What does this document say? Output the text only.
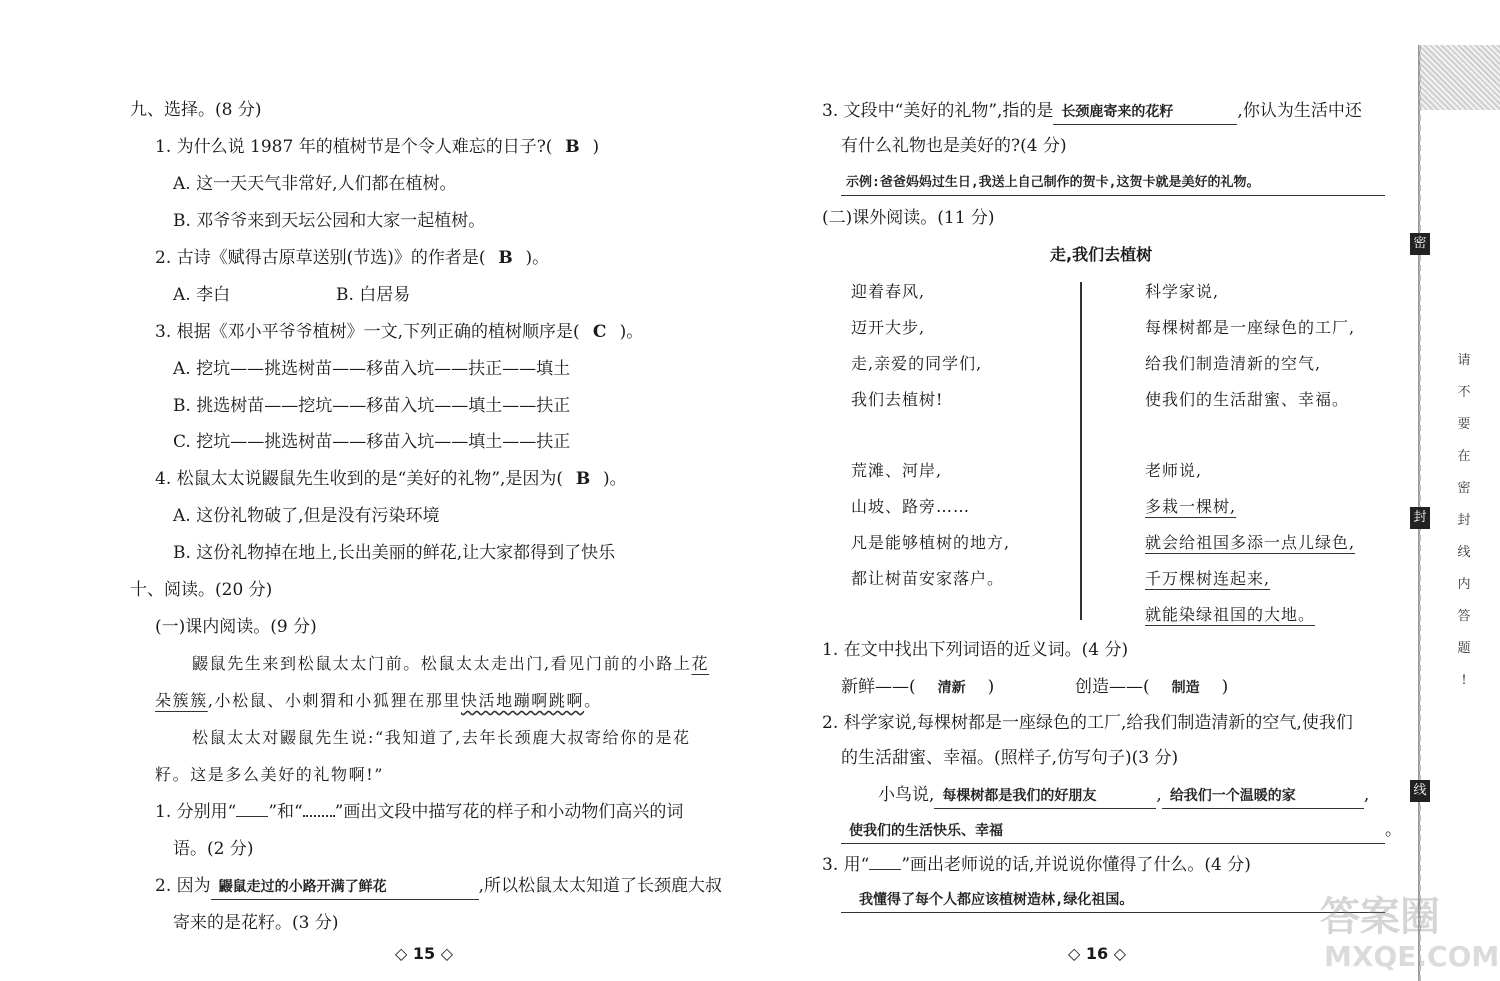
九、选择。(8 分)
1. 为什么说 1987 年的植树节是个令人难忘的日子?( B )
A. 这一天天气非常好,人们都在植树。
B. 邓爷爷来到天坛公园和大家一起植树。
2. 古诗《赋得古原草送别(节选)》的作者是( B )。
A. 李白	B. 白居易
3. 根据《邓小平爷爷植树》一文,下列正确的植树顺序是( C )。
A. 挖坑——挑选树苗——移苗入坑——扶正——填土
B. 挑选树苗——挖坑——移苗入坑——填土——扶正
C. 挖坑——挑选树苗——移苗入坑——填土——扶正
4. 松鼠太太说鼹鼠先生收到的是“美好的礼物”,是因为( B )。
A. 这份礼物破了,但是没有污染环境
B. 这份礼物掉在地上,长出美丽的鲜花,让大家都得到了快乐
十、阅读。(20 分)
(一)课内阅读。(9 分)
鼹鼠先生来到松鼠太太门前。松鼠太太走出门,看见门前的小路上花
朵簇簇,小松鼠、小刺猬和小狐狸在那里快活地蹦啊跳啊。
松鼠太太对鼹鼠先生说:“我知道了,去年长颈鹿大叔寄给你的是花
籽。这是多么美好的礼物啊!”
1. 分别用“ ”和“ ”画出文段中描写花的样子和小动物们高兴的词
语。(2 分)
2. 因为 鼹鼠走过的小路开满了鲜花	,所以松鼠太太知道了长颈鹿大叔
寄来的是花籽。(3 分)
◇ 15 ◇
3. 文段中“美好的礼物”,指的是 长颈鹿寄来的花籽	,你认为生活中还
有什么礼物也是美好的?(4 分)
示例:爸爸妈妈过生日,我送上自己制作的贺卡,这贺卡就是美好的礼物。
(二)课外阅读。(11 分)
走,我们去植树
迎着春风,
迈开大步,
走,亲爱的同学们,
我们去植树!
荒滩、河岸,
山坡、路旁……
凡是能够植树的地方,
都让树苗安家落户。
科学家说,
每棵树都是一座绿色的工厂,
给我们制造清新的空气,
使我们的生活甜蜜、幸福。
老师说,
多栽一棵树,
就会给祖国多添一点儿绿色,
千万棵树连起来,
就能染绿祖国的大地。
1. 在文中找出下列词语的近义词。(4 分)
新鲜——( 清新 )	创造——( 制造 )
2. 科学家说,每棵树都是一座绿色的工厂,给我们制造清新的空气,使我们
的生活甜蜜、幸福。(照样子,仿写句子)(3 分)
小鸟说, 每棵树都是我们的好朋友	, 给我们一个温暖的家	,
使我们的生活快乐、幸福	。
3. 用“ ”画出老师说的话,并说说你懂得了什么。(4 分)
我懂得了每个人都应该植树造林,绿化祖国。
◇ 16 ◇
密
封
线
请
不
要
在
密
封
线
内
答
题
!
答案圈
MXQE.COM
